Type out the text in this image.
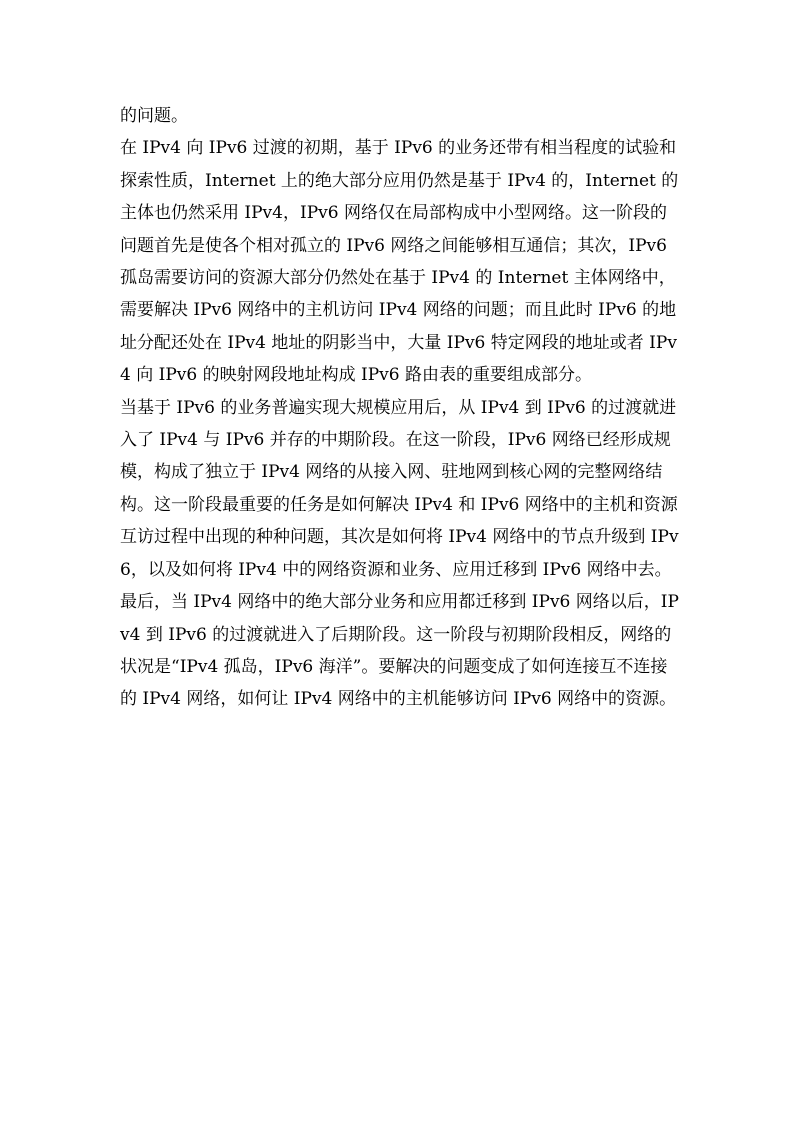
的问题。

在 IPv4 向 IPv6 过渡的初期，基于 IPv6 的业务还带有相当程度的试验和探索性质，Internet 上的绝大部分应用仍然是基于 IPv4 的，Internet 的主体也仍然采用 IPv4，IPv6 网络仅在局部构成中小型网络。这一阶段的问题首先是使各个相对孤立的 IPv6 网络之间能够相互通信；其次，IPv6 孤岛需要访问的资源大部分仍然处在基于 IPv4 的 Internet 主体网络中，需要解决 IPv6 网络中的主机访问 IPv4 网络的问题；而且此时 IPv6 的地址分配还处在 IPv4 地址的阴影当中，大量 IPv6 特定网段的地址或者 IPv4 向 IPv6 的映射网段地址构成 IPv6 路由表的重要组成部分。

当基于 IPv6 的业务普遍实现大规模应用后，从 IPv4 到 IPv6 的过渡就进入了 IPv4 与 IPv6 并存的中期阶段。在这一阶段，IPv6 网络已经形成规模，构成了独立于 IPv4 网络的从接入网、驻地网到核心网的完整网络结构。这一阶段最重要的任务是如何解决 IPv4 和 IPv6 网络中的主机和资源互访过程中出现的种种问题，其次是如何将 IPv4 网络中的节点升级到 IPv6，以及如何将 IPv4 中的网络资源和业务、应用迁移到 IPv6 网络中去。

最后，当 IPv4 网络中的绝大部分业务和应用都迁移到 IPv6 网络以后，IPv4 到 IPv6 的过渡就进入了后期阶段。这一阶段与初期阶段相反，网络的状况是“IPv4 孤岛，IPv6 海洋”。要解决的问题变成了如何连接互不连接的 IPv4 网络，如何让 IPv4 网络中的主机能够访问 IPv6 网络中的资源。
